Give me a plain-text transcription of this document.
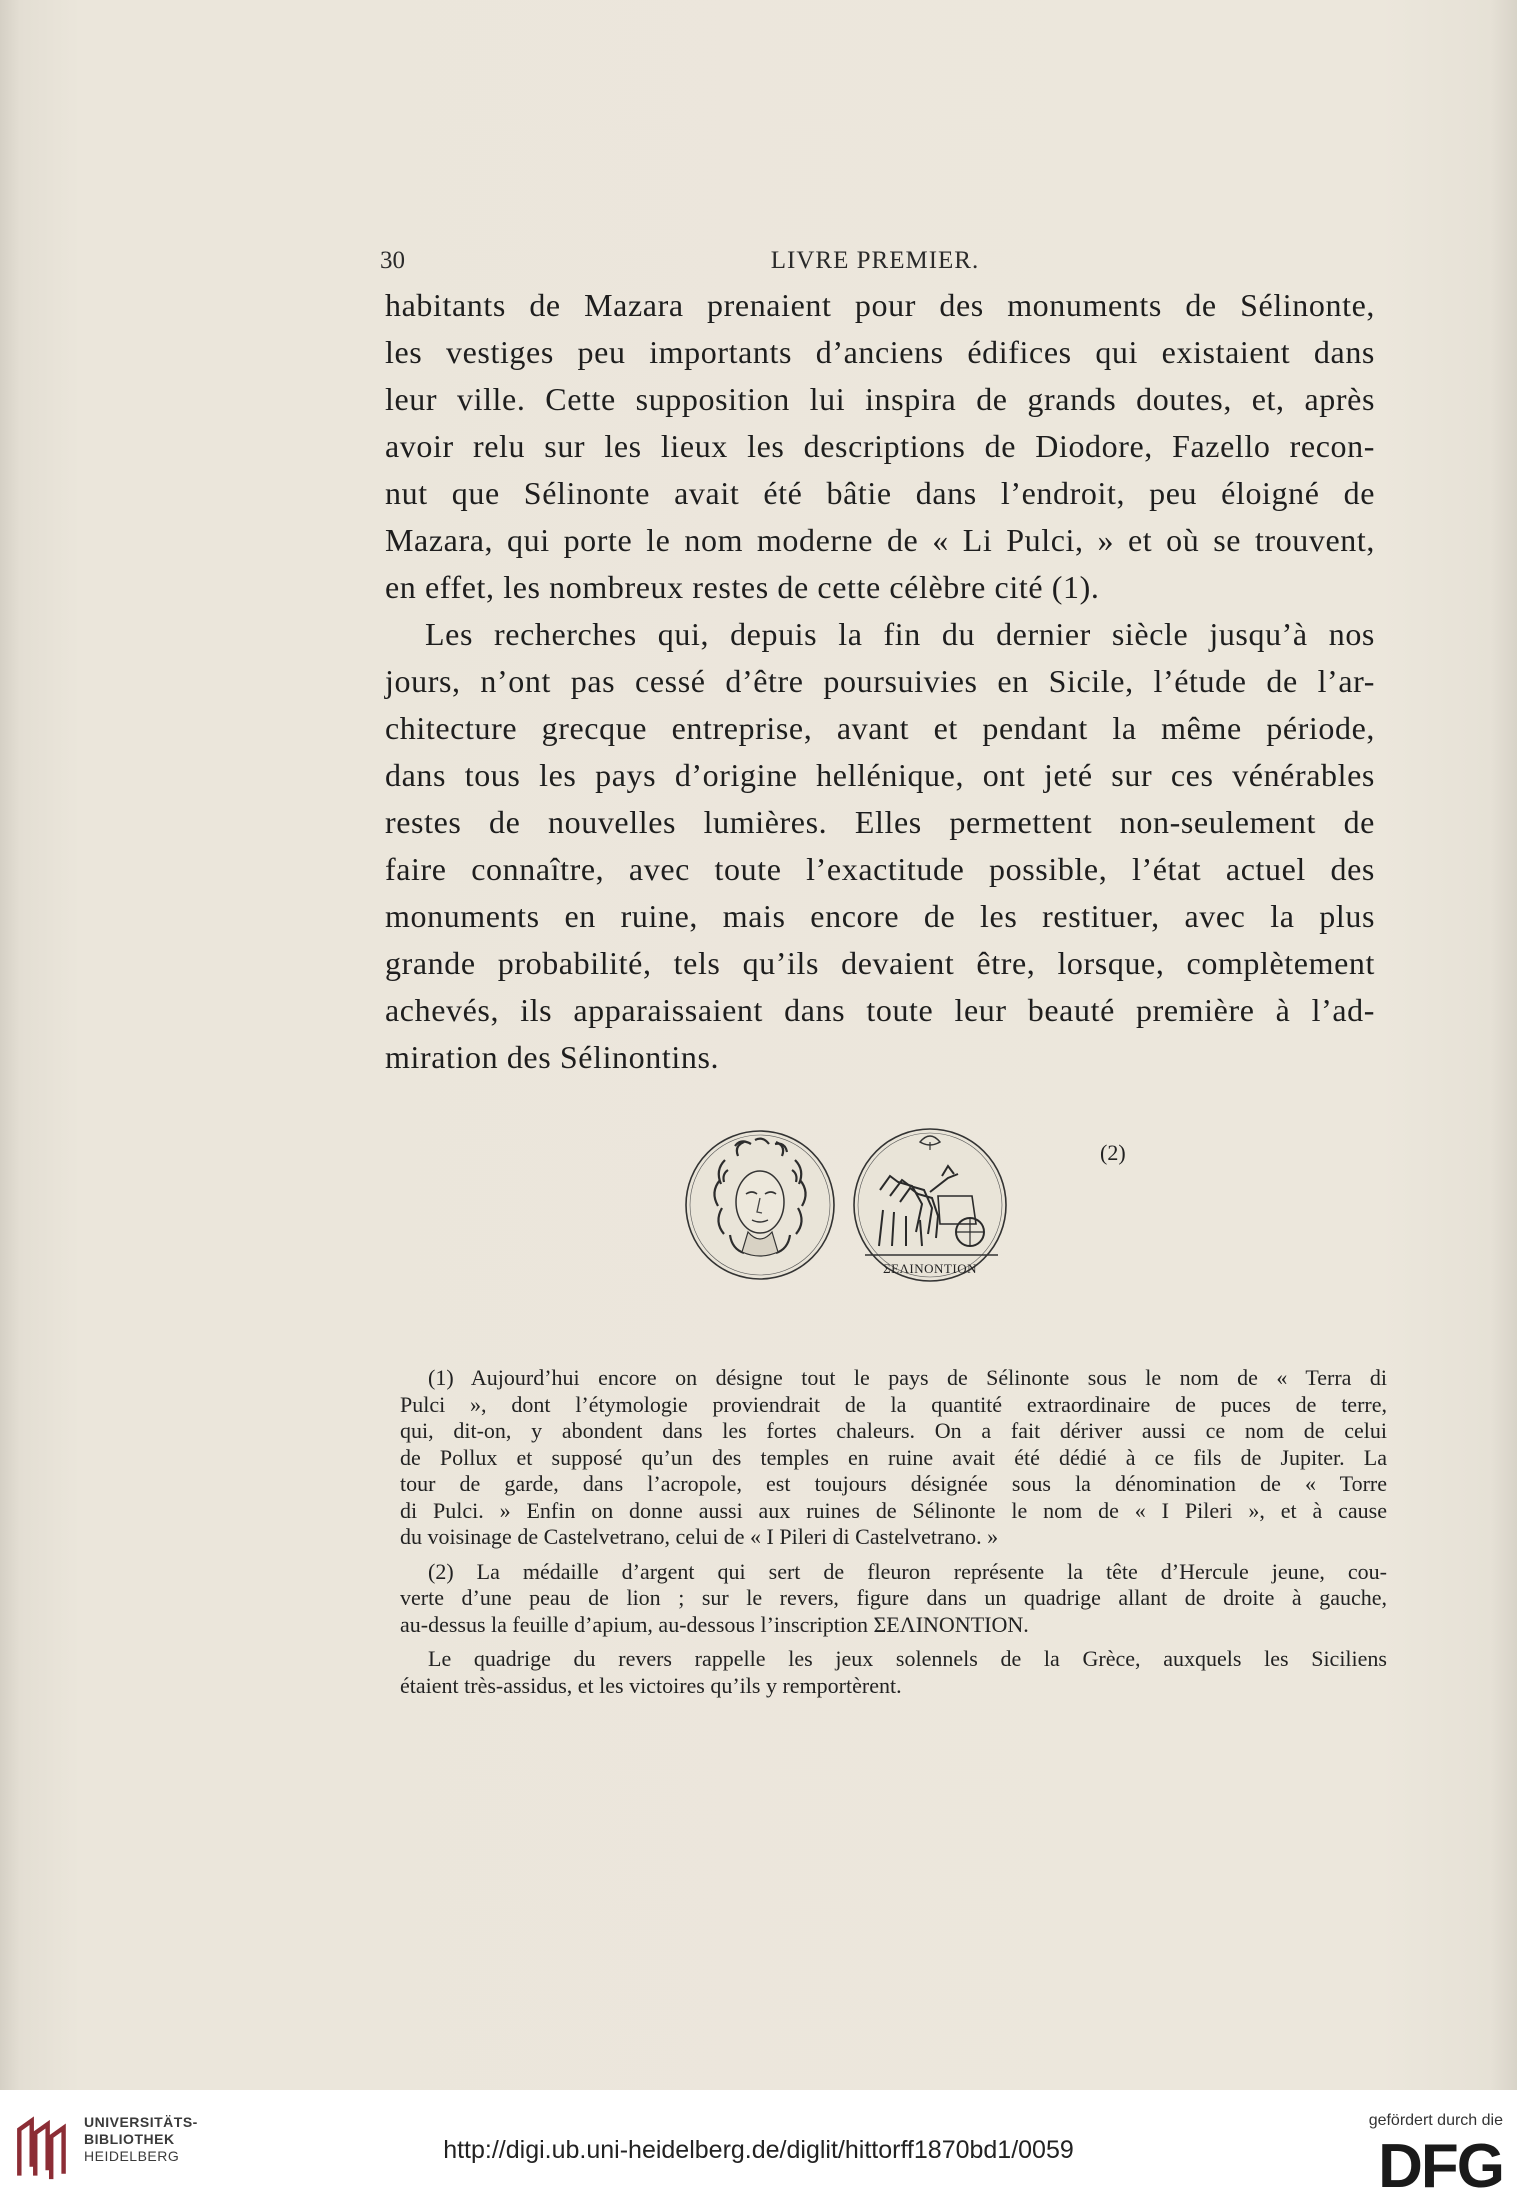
30	LIVRE PREMIER.
habitants de Mazara prenaient pour des monuments de Sélinonte,
les vestiges peu importants d’anciens édifices qui existaient dans
leur ville. Cette supposition lui inspira de grands doutes, et, après
avoir relu sur les lieux les descriptions de Diodore, Fazello recon-
nut que Sélinonte avait été bâtie dans l’endroit, peu éloigné de
Mazara, qui porte le nom moderne de « Li Pulci, » et où se trouvent,
en effet, les nombreux restes de cette célèbre cité (1).
Les recherches qui, depuis la fin du dernier siècle jusqu’à nos
jours, n’ont pas cessé d’être poursuivies en Sicile, l’étude de l’ar-
chitecture grecque entreprise, avant et pendant la même période,
dans tous les pays d’origine hellénique, ont jeté sur ces vénérables
restes de nouvelles lumières. Elles permettent non-seulement de
faire connaître, avec toute l’exactitude possible, l’état actuel des
monuments en ruine, mais encore de les restituer, avec la plus
grande probabilité, tels qu’ils devaient être, lorsque, complètement
achevés, ils apparaissaient dans toute leur beauté première à l’ad-
miration des Sélinontins.
ΣΕΛΙΝΟΝΤΙΟΝ
(2)
(1) Aujourd’hui encore on désigne tout le pays de Sélinonte sous le nom de « Terra di
Pulci », dont l’étymologie proviendrait de la quantité extraordinaire de puces de terre,
qui, dit-on, y abondent dans les fortes chaleurs. On a fait dériver aussi ce nom de celui
de Pollux et supposé qu’un des temples en ruine avait été dédié à ce fils de Jupiter. La
tour de garde, dans l’acropole, est toujours désignée sous la dénomination de « Torre
di Pulci. » Enfin on donne aussi aux ruines de Sélinonte le nom de « I Pileri », et à cause
du voisinage de Castelvetrano, celui de « I Pileri di Castelvetrano. »
(2) La médaille d’argent qui sert de fleuron représente la tête d’Hercule jeune, cou-
verte d’une peau de lion ; sur le revers, figure dans un quadrige allant de droite à gauche,
au-dessus la feuille d’apium, au-dessous l’inscription ΣΕΛΙΝΟΝΤΙΟΝ.
Le quadrige du revers rappelle les jeux solennels de la Grèce, auxquels les Siciliens
étaient très-assidus, et les victoires qu’ils y remportèrent.
UNIVERSITÄTS-
BIBLIOTHEK
HEIDELBERG	http://digi.ub.uni-heidelberg.de/diglit/hittorff1870bd1/0059
gefördert durch die
DFG
